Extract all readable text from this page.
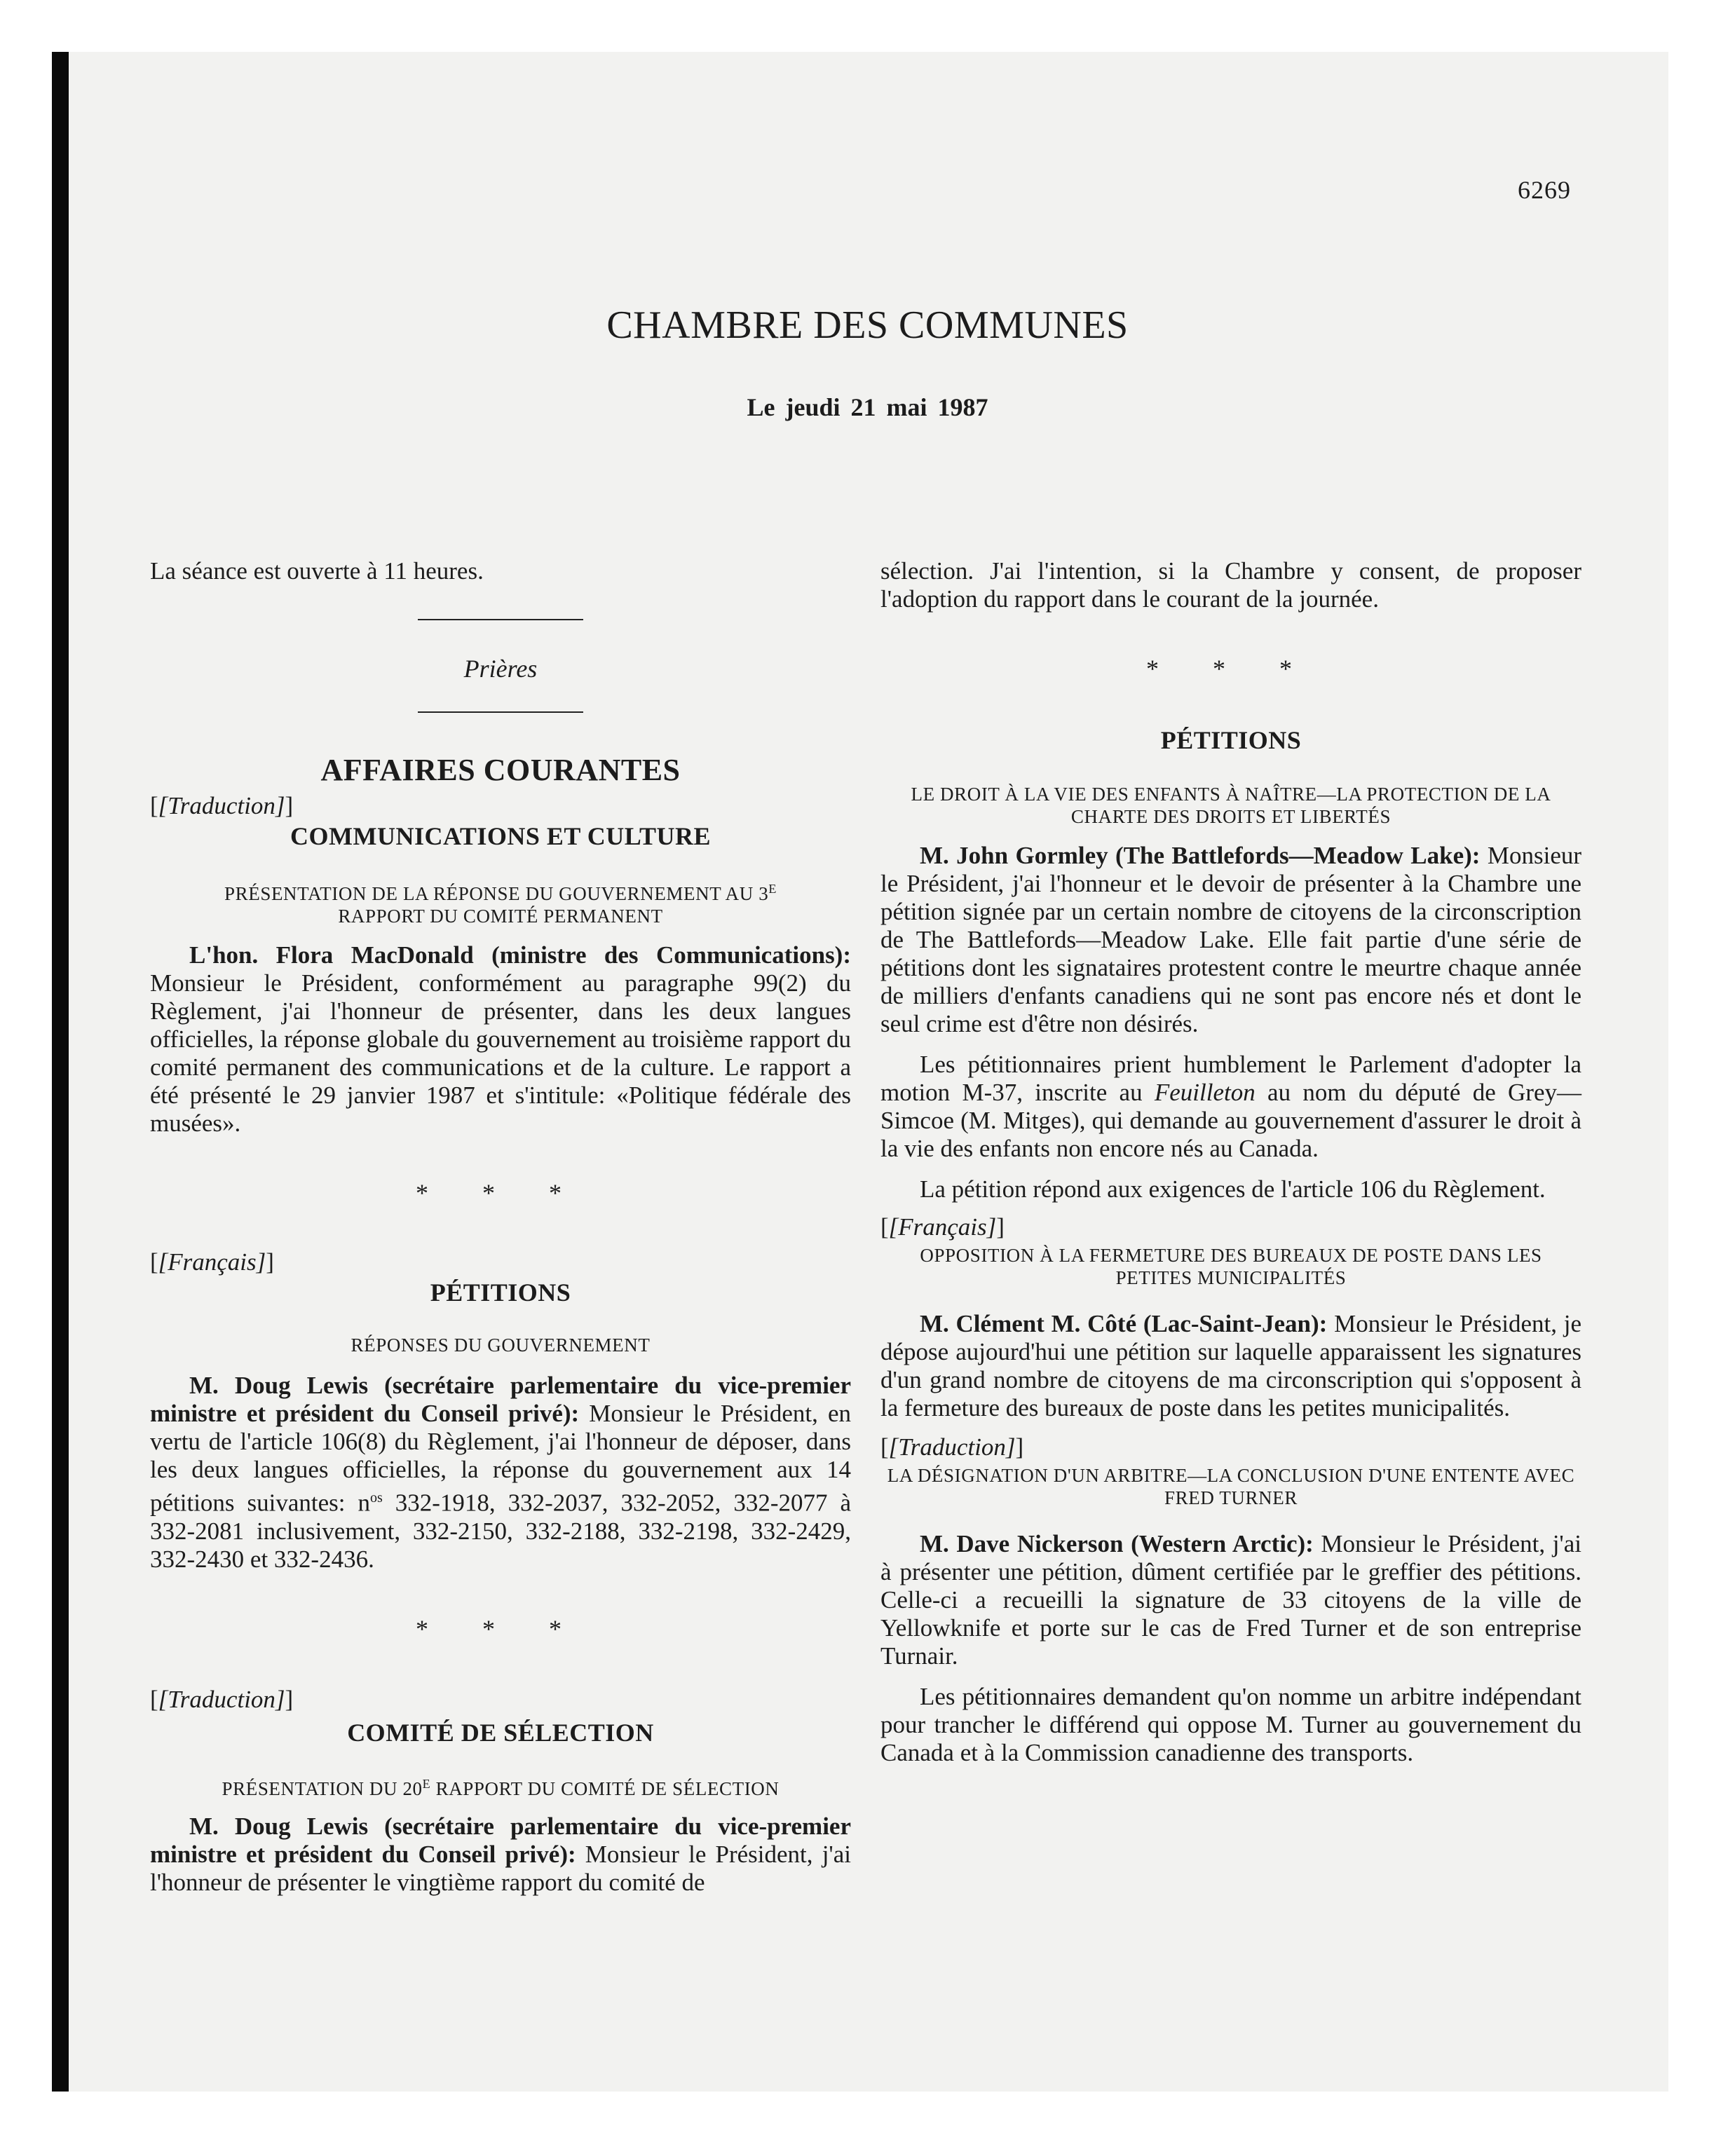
6269
CHAMBRE DES COMMUNES
Le jeudi 21 mai 1987

La séance est ouverte à 11 heures.

Prières
AFFAIRES COURANTES

[[Traduction]]

COMMUNICATIONS ET CULTURE

PRÉSENTATION DE LA RÉPONSE DU GOUVERNEMENT AU $3^E$
RAPPORT DU COMITÉ PERMANENT

L'hon. Flora MacDonald (ministre des Communications): Monsieur le Président, conformément au paragraphe 99(2) du Règlement, j'ai l'honneur de présenter, dans les deux langues officielles, la réponse globale du gouvernement au troisième rapport du comité permanent des communications et de la culture. Le rapport a été présenté le 29 janvier 1987 et s'intitule: «Politique fédérale des musées».

* * *

[[Français]]

PÉTITIONS

RÉPONSES DU GOUVERNEMENT

M. Doug Lewis (secrétaire parlementaire du vice-premier ministre et président du Conseil privé): Monsieur le Président, en vertu de l'article 106(8) du Règlement, j'ai l'honneur de déposer, dans les deux langues officielles, la réponse du gouvernement aux 14 pétitions suivantes: $n^{os}$ 332-1918, 332-2037, 332-2052, 332-2077 à 332-2081 inclusivement, 332-2150, 332-2188, 332-2198, 332-2429, 332-2430 et 332-2436.

* * *

[[Traduction]]

COMITÉ DE SÉLECTION

PRÉSENTATION DU $20^E$ RAPPORT DU COMITÉ DE SÉLECTION

M. Doug Lewis (secrétaire parlementaire du vice-premier ministre et président du Conseil privé): Monsieur le Président, j'ai l'honneur de présenter le vingtième rapport du comité de

sélection. J'ai l'intention, si la Chambre y consent, de proposer l'adoption du rapport dans le courant de la journée.

* * *
PÉTITIONS

LE DROIT À LA VIE DES ENFANTS À NAÎTRE—LA PROTECTION DE LA CHARTE DES DROITS ET LIBERTÉS

M. John Gormley (The Battlefords—Meadow Lake): Monsieur le Président, j'ai l'honneur et le devoir de présenter à la Chambre une pétition signée par un certain nombre de citoyens de la circonscription de The Battlefords—Meadow Lake. Elle fait partie d'une série de pétitions dont les signataires protestent contre le meurtre chaque année de milliers d'enfants canadiens qui ne sont pas encore nés et dont le seul crime est d'être non désirés.

Les pétitionnaires prient humblement le Parlement d'adopter la motion M-37, inscrite au Feuilleton au nom du député de Grey—Simcoe (M. Mitges), qui demande au gouvernement d'assurer le droit à la vie des enfants non encore nés au Canada.

La pétition répond aux exigences de l'article 106 du Règlement.

[[Français]]

OPPOSITION À LA FERMETURE DES BUREAUX DE POSTE DANS LES PETITES MUNICIPALITÉS

M. Clément M. Côté (Lac-Saint-Jean): Monsieur le Président, je dépose aujourd'hui une pétition sur laquelle apparaissent les signatures d'un grand nombre de citoyens de ma circonscription qui s'opposent à la fermeture des bureaux de poste dans les petites municipalités.

[[Traduction]]

LA DÉSIGNATION D'UN ARBITRE—LA CONCLUSION D'UNE ENTENTE AVEC FRED TURNER

M. Dave Nickerson (Western Arctic): Monsieur le Président, j'ai à présenter une pétition, dûment certifiée par le greffier des pétitions. Celle-ci a recueilli la signature de 33 citoyens de la ville de Yellowknife et porte sur le cas de Fred Turner et de son entreprise Turnair.

Les pétitionnaires demandent qu'on nomme un arbitre indépendant pour trancher le différend qui oppose M. Turner au gouvernement du Canada et à la Commission canadienne des transports.
